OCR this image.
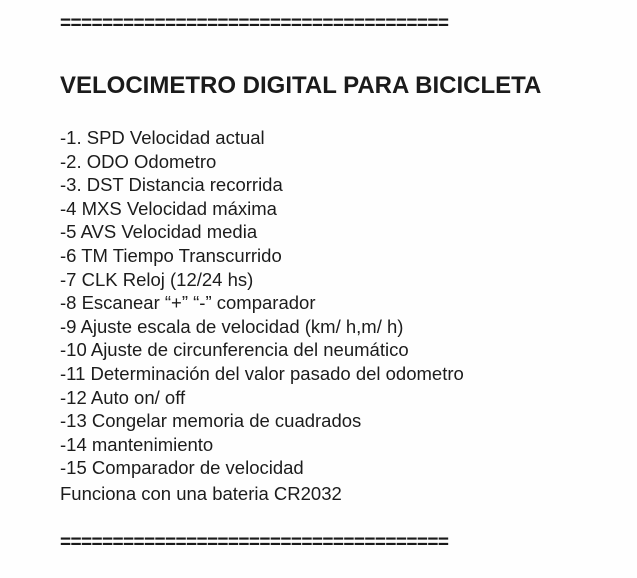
=====================================
VELOCIMETRO DIGITAL PARA BICICLETA
-1. SPD Velocidad actual
-2. ODO Odometro
-3. DST Distancia recorrida
-4 MXS Velocidad máxima
-5 AVS Velocidad media
-6 TM Tiempo Transcurrido
-7 CLK Reloj (12/24 hs)
-8 Escanear “+” “-” comparador
-9 Ajuste escala de velocidad (km/ h,m/ h)
-10 Ajuste de circunferencia del neumático
-11 Determinación del valor pasado del odometro
-12 Auto on/ off
-13 Congelar memoria de cuadrados
-14 mantenimiento
-15 Comparador de velocidad

Funciona con una bateria CR2032

=====================================
